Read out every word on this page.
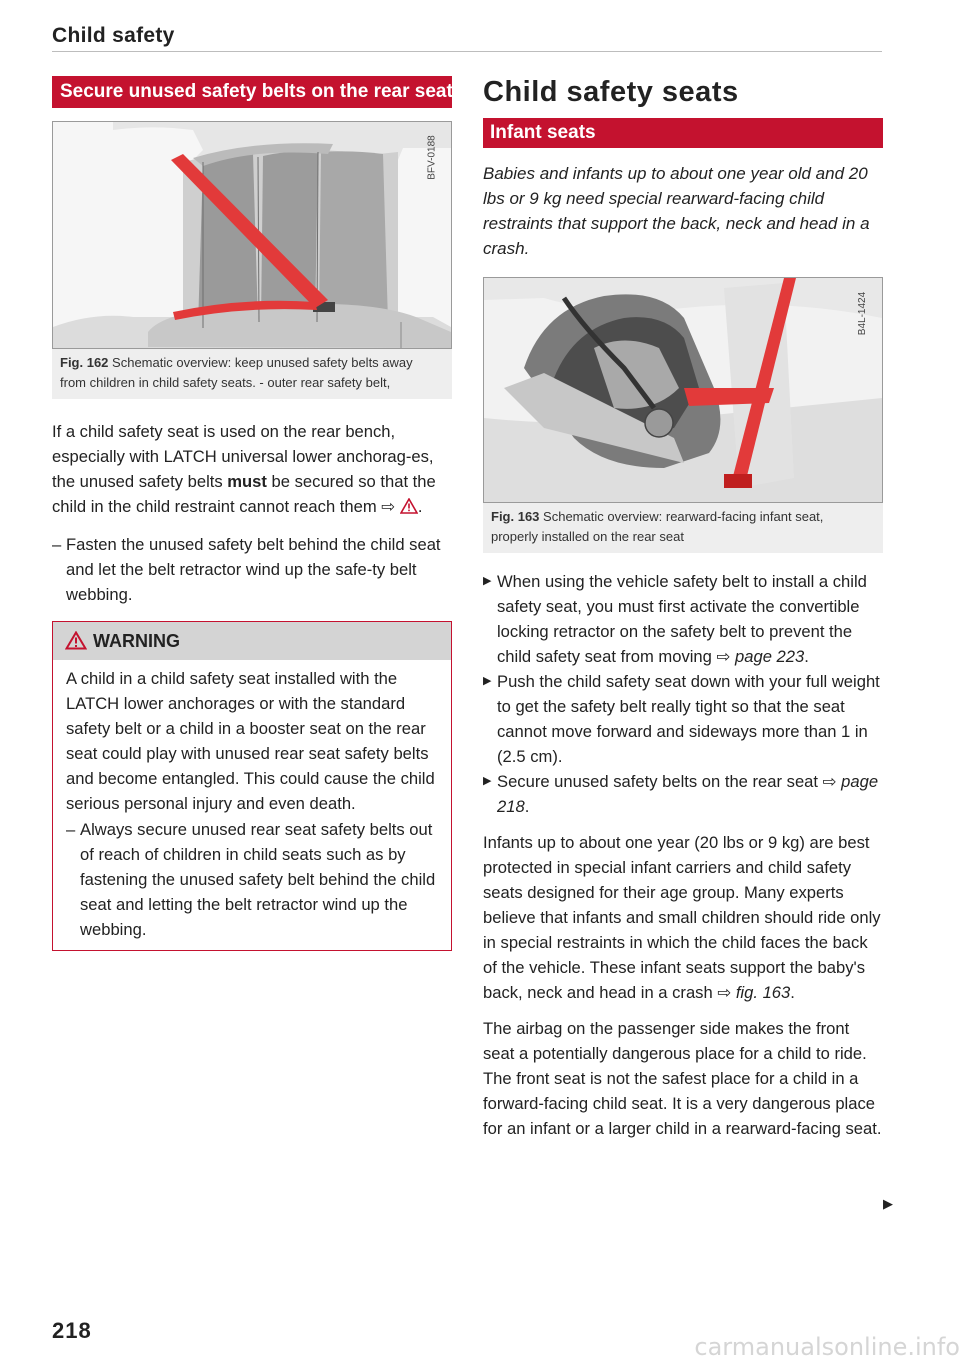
Child safety
Secure unused safety belts on the rear seat
BFV-0188
Fig. 162 Schematic overview: keep unused safety belts away from children in child safety seats. - outer rear safety belt,

If a child safety seat is used on the rear bench, especially with LATCH universal lower anchorag-es, the unused safety belts must be secured so that the child in the child restraint cannot reach them ⇨ .

– Fasten the unused safety belt behind the child seat and let the belt retractor wind up the safe-ty belt webbing.
WARNING

A child in a child safety seat installed with the LATCH lower anchorages or with the standard safety belt or a child in a booster seat on the rear seat could play with unused rear seat safety belts and become entangled. This could cause the child serious personal injury and even death.

– Always secure unused rear seat safety belts out of reach of children in child seats such as by fastening the unused safety belt behind the child seat and letting the belt retractor wind up the webbing.
Child safety seats
Infant seats

Babies and infants up to about one year old and 20 lbs or 9 kg need special rearward-facing child restraints that support the back, neck and head in a crash.

B4L-1424
Fig. 163 Schematic overview: rearward-facing infant seat, properly installed on the rear seat
▶ When using the vehicle safety belt to install a child safety seat, you must first activate the convertible locking retractor on the safety belt to prevent the child safety seat from moving ⇨ page 223.
▶ Push the child safety seat down with your full weight to get the safety belt really tight so that the seat cannot move forward and sideways more than 1 in (2.5 cm).
▶ Secure unused safety belts on the rear seat ⇨ page 218.

Infants up to about one year (20 lbs or 9 kg) are best protected in special infant carriers and child safety seats designed for their age group. Many experts believe that infants and small children should ride only in special restraints in which the child faces the back of the vehicle. These infant seats support the baby's back, neck and head in a crash ⇨ fig. 163.

The airbag on the passenger side makes the front seat a potentially dangerous place for a child to ride. The front seat is not the safest place for a child in a forward-facing child seat. It is a very dangerous place for an infant or a larger child in a rearward-facing seat.

▶
218
carmanualsonline.info
